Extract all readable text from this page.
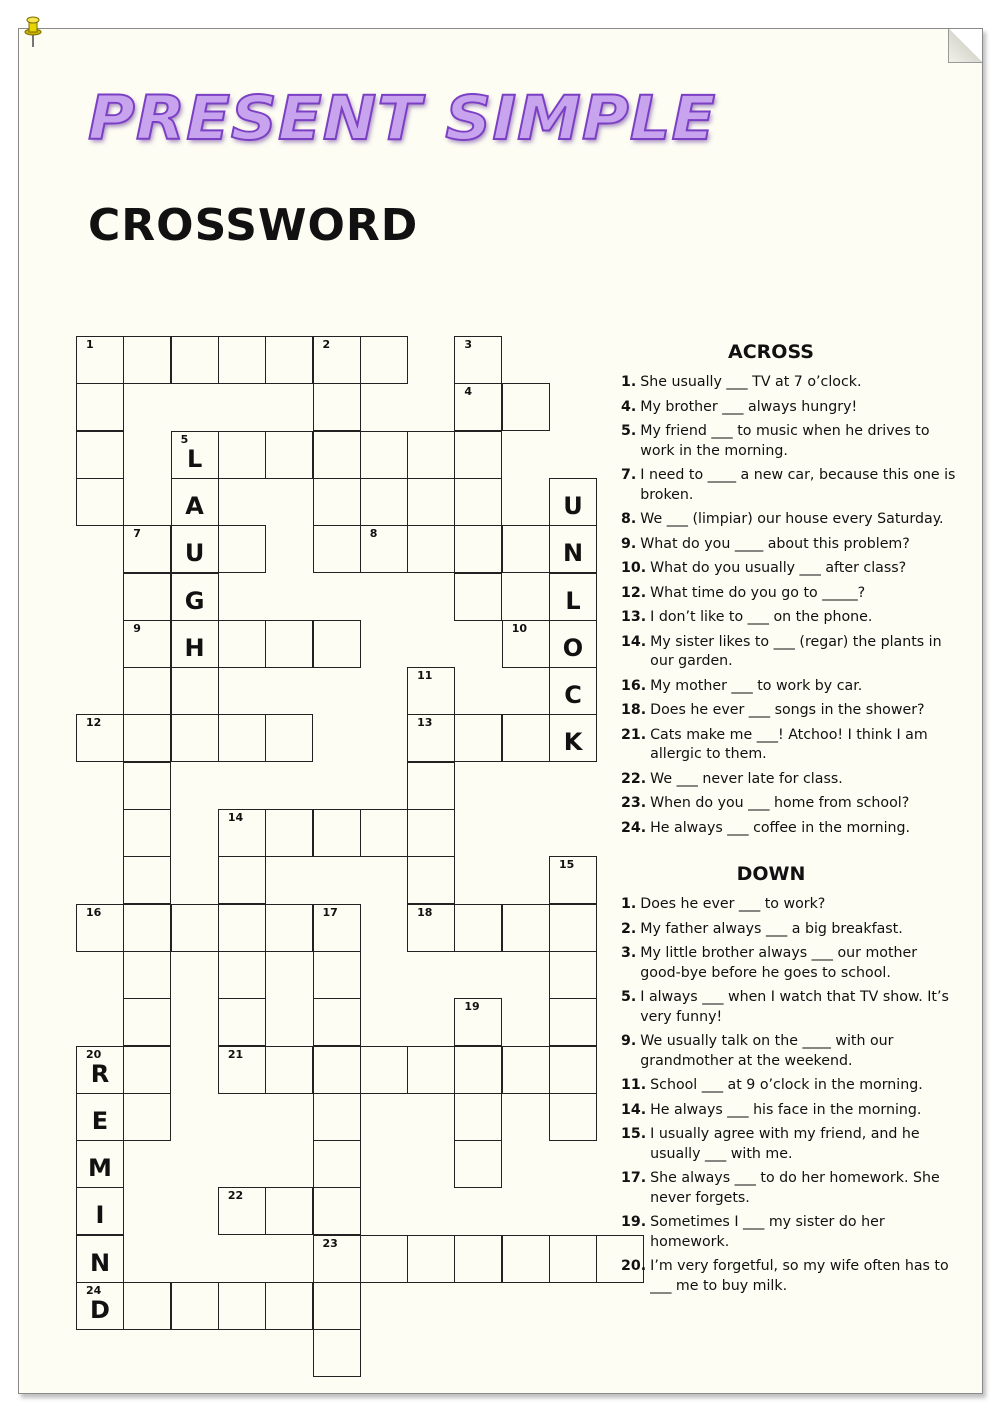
PRESENT SIMPLE
CROSSWORD
1	2	3
4
5
L
A
U
G
H
7	8
N
9	10
11
13
12
K
U
L
O
C
14
21
15
16	17
23
18
19
20
R
E
M
I
N
24
D
22
ACROSS
1. She usually ___ TV at 7 o’clock.
4. My brother ___ always hungry!
5. My friend ___ to music when he drives to work in the morning.
7. I need to ____ a new car, because this one is broken.
8. We ___ (limpiar) our house every Saturday.
9. What do you ____ about this problem?
10. What do you usually ___ after class?
12. What time do you go to _____?
13. I don’t like to ___ on the phone.
14. My sister likes to ___ (regar) the plants in our garden.
16. My mother ___ to work by car.
18. Does he ever ___ songs in the shower?
21. Cats make me ___! Atchoo! I think I am allergic to them.
22. We ___ never late for class.
23. When do you ___ home from school?
24. He always ___ coffee in the morning.
DOWN
1. Does he ever ___ to work?
2. My father always ___ a big breakfast.
3. My little brother always ___ our mother good-bye before he goes to school.
5. I always ___ when I watch that TV show. It’s very funny!
9. We usually talk on the ____ with our grandmother at the weekend.
11. School ___ at 9 o’clock in the morning.
14. He always ___ his face in the morning.
15. I usually agree with my friend, and he usually ___ with me.
17. She always ___ to do her homework. She never forgets.
19. Sometimes I ___ my sister do her homework.
20. I’m very forgetful, so my wife often has to ___ me to buy milk.
